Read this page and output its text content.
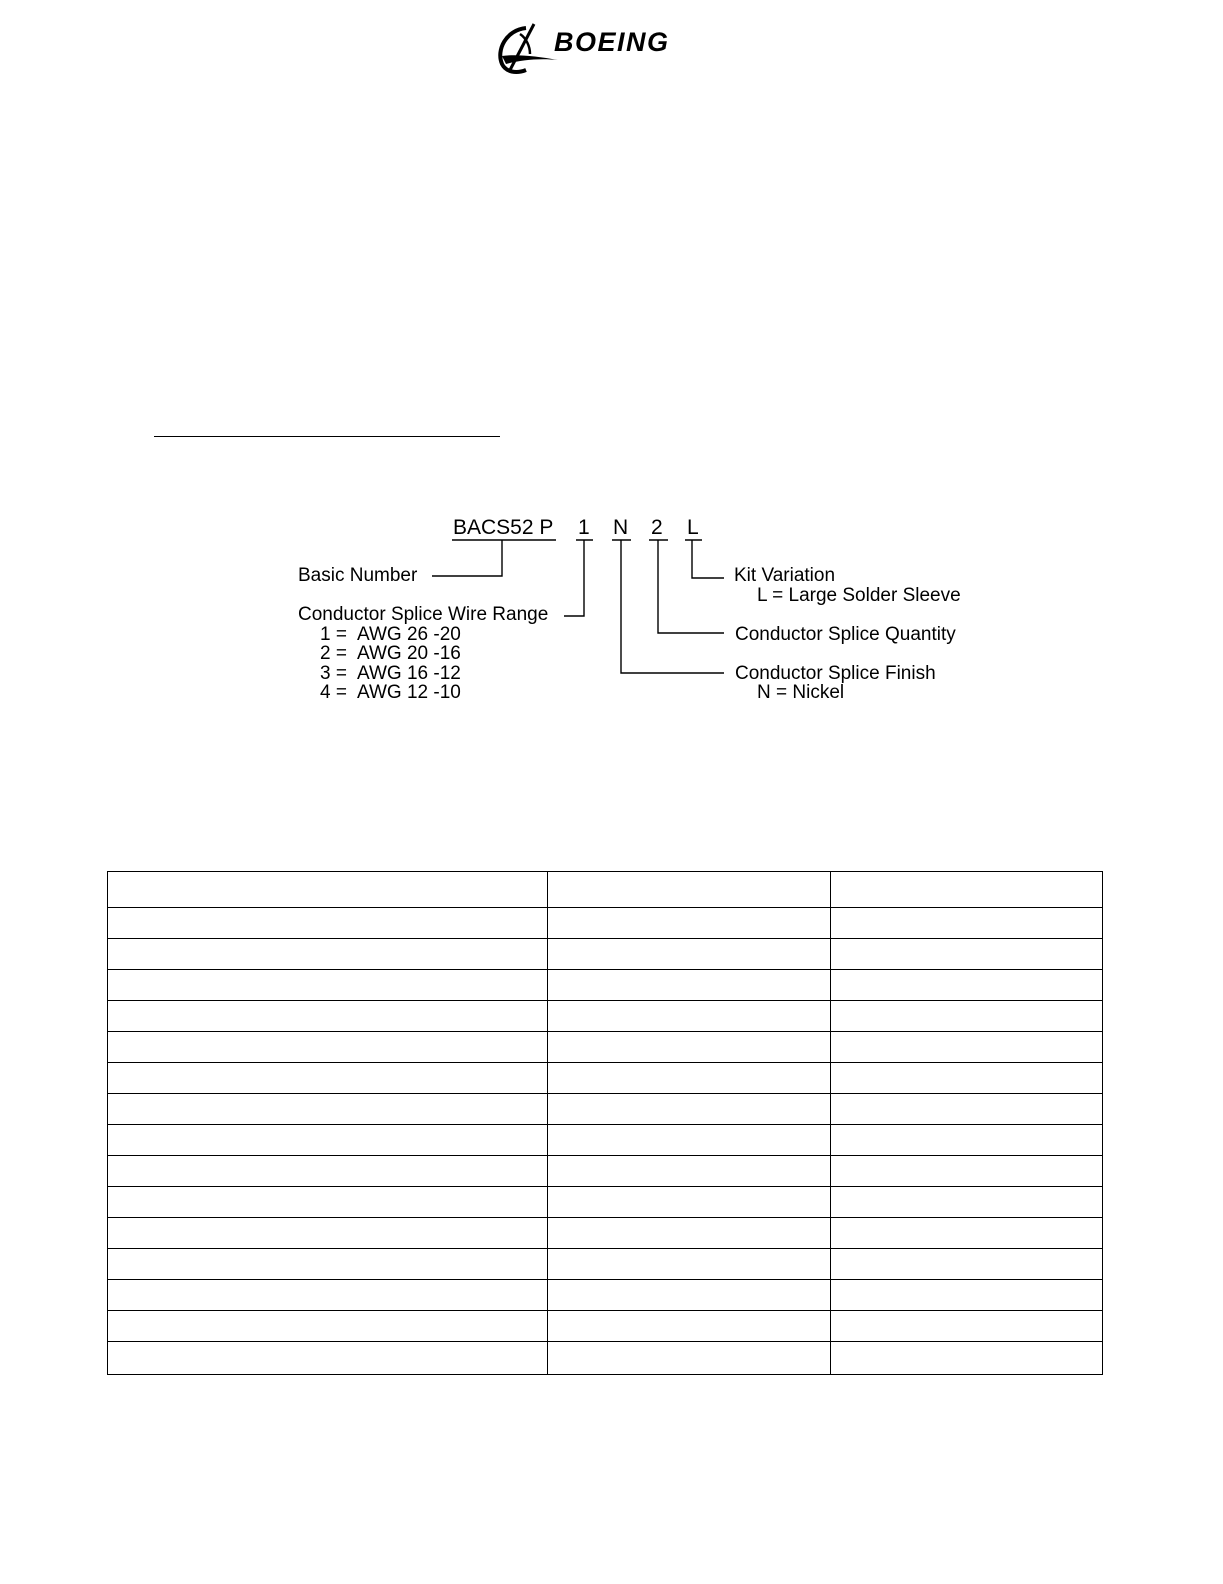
BOEING
BACS52 P 1 N 2 L
Basic Number
Conductor Splice Wire Range
1 = AWG 26 -20
2 = AWG 20 -16
3 = AWG 16 -12
4 = AWG 12 -10
Kit Variation
L = Large Solder Sleeve
Conductor Splice Quantity
Conductor Splice Finish
N = Nickel
